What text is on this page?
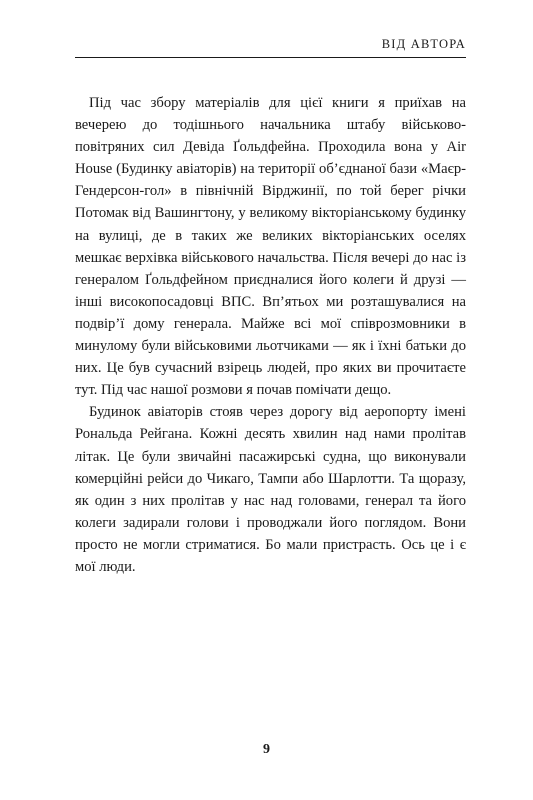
ВІД АВТОРА

Під час збору матеріалів для цієї книги я приїхав на вечерею до тодішнього начальника штабу військово-повітряних сил Девіда Ґольдфейна. Проходила вона у Air House (Будинку авіаторів) на території об’єднаної бази «Маєр-Гендерсон-гол» в північній Вірджинії, по той берег річки Потомак від Вашингтону, у великому вікторіанському будинку на вулиці, де в таких же великих вікторіанських оселях мешкає верхівка військового начальства. Після вечері до нас із генералом Ґольдфейном приєдналися його колеги й друзі — інші високопосадовці ВПС. Вп’ятьох ми розташувалися на подвір’ї дому генерала. Майже всі мої співрозмовники в минулому були військовими льотчиками — як і їхні батьки до них. Це був сучасний взірець людей, про яких ви прочитаєте тут. Під час нашої розмови я почав помічати дещо.

Будинок авіаторів стояв через дорогу від аеропорту імені Рональда Рейгана. Кожні десять хвилин над нами пролітав літак. Це були звичайні пасажирські судна, що виконували комерційні рейси до Чикаго, Тампи або Шарлотти. Та щоразу, як один з них пролітав у нас над головами, генерал та його колеги задирали голови і проводжали його поглядом. Вони просто не могли стриматися. Бо мали пристрасть. Ось це і є мої люди.

9
